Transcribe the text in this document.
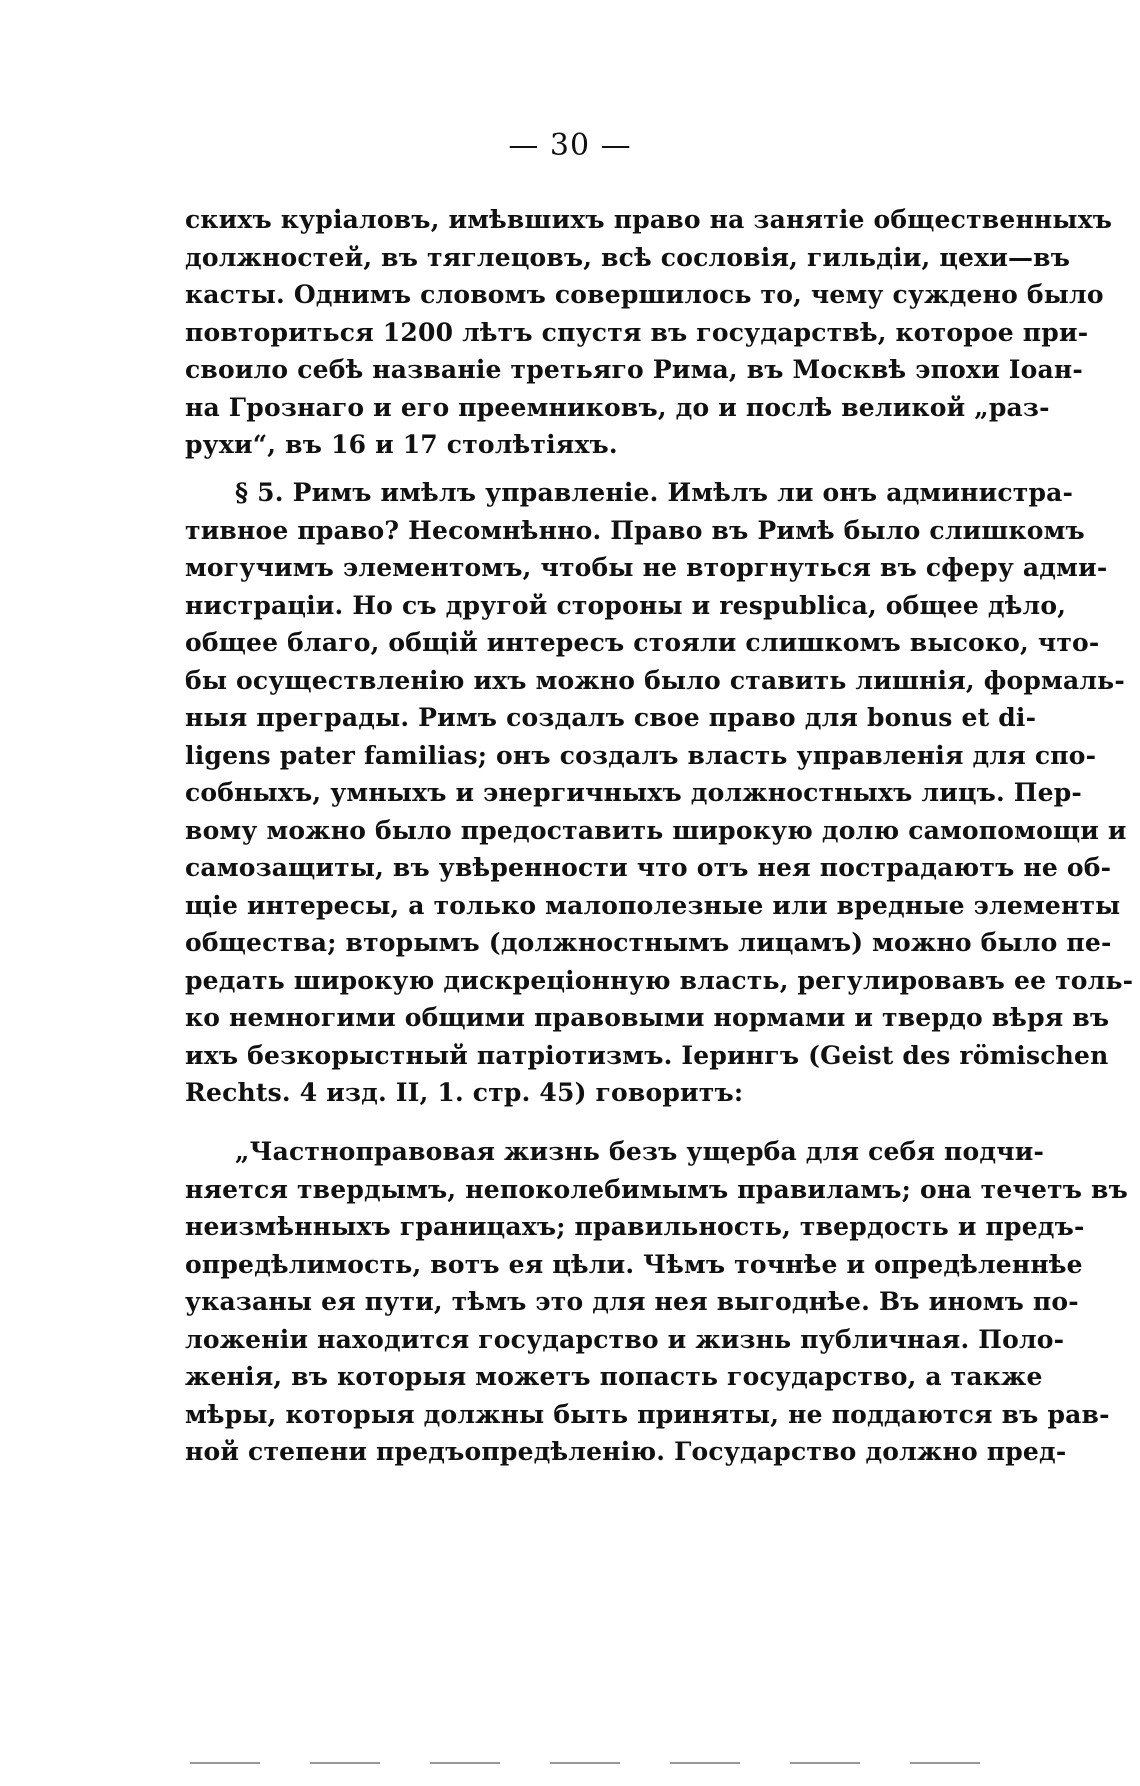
— 30 —
скихъ куріаловъ, имѣвшихъ право на занятіе общественныхъ
должностей, въ тяглецовъ, всѣ сословія, гильдіи, цехи—въ
касты. Однимъ словомъ совершилось то, чему суждено было
повториться 1200 лѣтъ спустя въ государствѣ, которое при-
своило себѣ названіе третьяго Рима, въ Москвѣ эпохи Іоан-
на Грознаго и его преемниковъ, до и послѣ великой „раз-
рухи“, въ 16 и 17 столѣтіяхъ.
§ 5. Римъ имѣлъ управленіе. Имѣлъ ли онъ администра-
тивное право? Несомнѣнно. Право въ Римѣ было слишкомъ
могучимъ элементомъ, чтобы не вторгнуться въ сферу адми-
нистраціи. Но съ другой стороны и respublica, общее дѣло,
общее благо, общій интересъ стояли слишкомъ высоко, что-
бы осуществленію ихъ можно было ставить лишнія, формаль-
ныя преграды. Римъ создалъ свое право для bonus et di-
ligens pater familias; онъ создалъ власть управленія для спо-
собныхъ, умныхъ и энергичныхъ должностныхъ лицъ. Пер-
вому можно было предоставить широкую долю самопомощи и
самозащиты, въ увѣренности что отъ нея пострадаютъ не об-
щіе интересы, а только малополезные или вредные элементы
общества; вторымъ (должностнымъ лицамъ) можно было пе-
редать широкую дискреціонную власть, регулировавъ ее толь-
ко немногими общими правовыми нормами и твердо вѣря въ
ихъ безкорыстный патріотизмъ. Іерингъ (Geist des römischen
Rechts. 4 изд. II, 1. стр. 45) говоритъ:
„Частноправовая жизнь безъ ущерба для себя подчи-
няется твердымъ, непоколебимымъ правиламъ; она течетъ въ
неизмѣнныхъ границахъ; правильность, твердость и предъ-
опредѣлимость, вотъ ея цѣли. Чѣмъ точнѣе и опредѣленнѣе
указаны ея пути, тѣмъ это для нея выгоднѣе. Въ иномъ по-
ложеніи находится государство и жизнь публичная. Поло-
женія, въ которыя можетъ попасть государство, а также
мѣры, которыя должны быть приняты, не поддаются въ рав-
ной степени предъопредѣленію. Государство должно пред-
